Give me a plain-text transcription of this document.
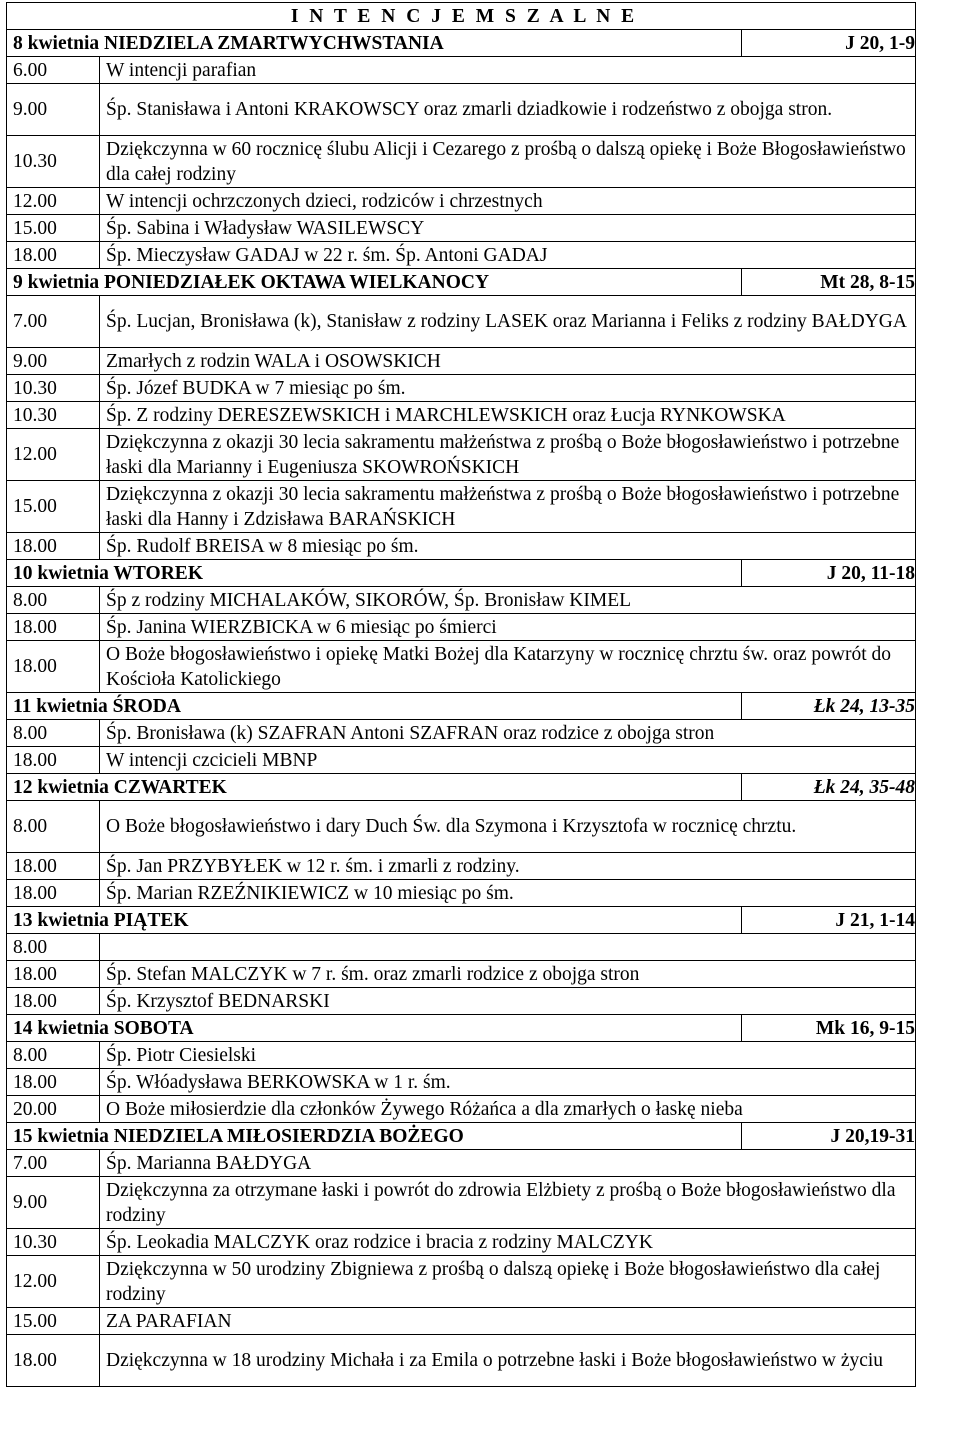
I N T E N C J E M S Z A L N E		
8 kwietnia NIEDZIELA ZMARTWYCHWSTANIA		J 20, 1-9
6.00	W intencji parafian	
9.00	Śp. Stanisława i Antoni KRAKOWSCY oraz zmarli dziadkowie i rodzeństwo z obojga stron.	
10.30	Dziękczynna w 60 rocznicę ślubu Alicji i Cezarego z prośbą o dalszą opiekę i Boże Błogosławieństwo dla całej rodziny	
12.00	W intencji ochrzczonych dzieci, rodziców i chrzestnych	
15.00	Śp. Sabina i Władysław WASILEWSCY	
18.00	Śp. Mieczysław GADAJ w 22 r. śm. Śp. Antoni GADAJ	
9 kwietnia PONIEDZIAŁEK OKTAWA WIELKANOCY		Mt 28, 8-15
7.00	Śp. Lucjan, Bronisława (k), Stanisław z rodziny LASEK oraz Marianna i Feliks z rodziny BAŁDYGA	
9.00	Zmarłych z rodzin WALA i OSOWSKICH	
10.30	Śp. Józef BUDKA w 7 miesiąc po śm.	
10.30	Śp. Z rodziny DERESZEWSKICH i MARCHLEWSKICH oraz Łucja RYNKOWSKA	
12.00	Dziękczynna z okazji 30 lecia sakramentu małżeństwa z prośbą o Boże błogosławieństwo i potrzebne łaski dla Marianny i Eugeniusza SKOWROŃSKICH	
15.00	Dziękczynna z okazji 30 lecia sakramentu małżeństwa z prośbą o Boże błogosławieństwo i potrzebne łaski dla Hanny i Zdzisława BARAŃSKICH	
18.00	Śp. Rudolf BREISA w 8 miesiąc po śm.	
10 kwietnia WTOREK		J 20, 11-18
8.00	Śp z rodziny MICHALAKÓW, SIKORÓW, Śp. Bronisław KIMEL	
18.00	Śp. Janina WIERZBICKA w 6 miesiąc po śmierci	
18.00	O Boże błogosławieństwo i opiekę Matki Bożej dla Katarzyny w rocznicę chrztu św. oraz powrót do Kościoła Katolickiego	
11 kwietnia ŚRODA		Łk 24, 13-35
8.00	Śp. Bronisława (k) SZAFRAN Antoni SZAFRAN oraz rodzice z obojga stron	
18.00	W intencji czcicieli MBNP	
12 kwietnia CZWARTEK		Łk 24, 35-48
8.00	O Boże błogosławieństwo i dary Duch Św. dla Szymona i Krzysztofa w rocznicę chrztu.	
18.00	Śp. Jan PRZYBYŁEK w 12 r. śm. i zmarli z rodziny.	
18.00	Śp. Marian RZEŹNIKIEWICZ w 10 miesiąc po śm.	
13 kwietnia PIĄTEK		J 21, 1-14
8.00		
18.00	Śp. Stefan MALCZYK w 7 r. śm. oraz zmarli rodzice z obojga stron	
18.00	Śp. Krzysztof BEDNARSKI	
14 kwietnia SOBOTA		Mk 16, 9-15
8.00	Śp. Piotr Ciesielski	
18.00	Śp. Włóadysława BERKOWSKA w 1 r. śm.	
20.00	O Boże miłosierdzie dla członków Żywego Różańca a dla zmarłych o łaskę nieba	
15 kwietnia NIEDZIELA MIŁOSIERDZIA BOŻEGO		J 20,19-31
7.00	Śp. Marianna BAŁDYGA	
9.00	Dziękczynna za otrzymane łaski i powrót do zdrowia Elżbiety z prośbą o Boże błogosławieństwo dla rodziny	
10.30	Śp. Leokadia MALCZYK oraz rodzice i bracia z rodziny MALCZYK	
12.00	Dziękczynna w 50 urodziny Zbigniewa z prośbą o dalszą opiekę i Boże błogosławieństwo dla całej rodziny	
15.00	ZA PARAFIAN	
18.00	Dziękczynna w 18 urodziny Michała i za Emila o potrzebne łaski i Boże błogosławieństwo w życiu	
